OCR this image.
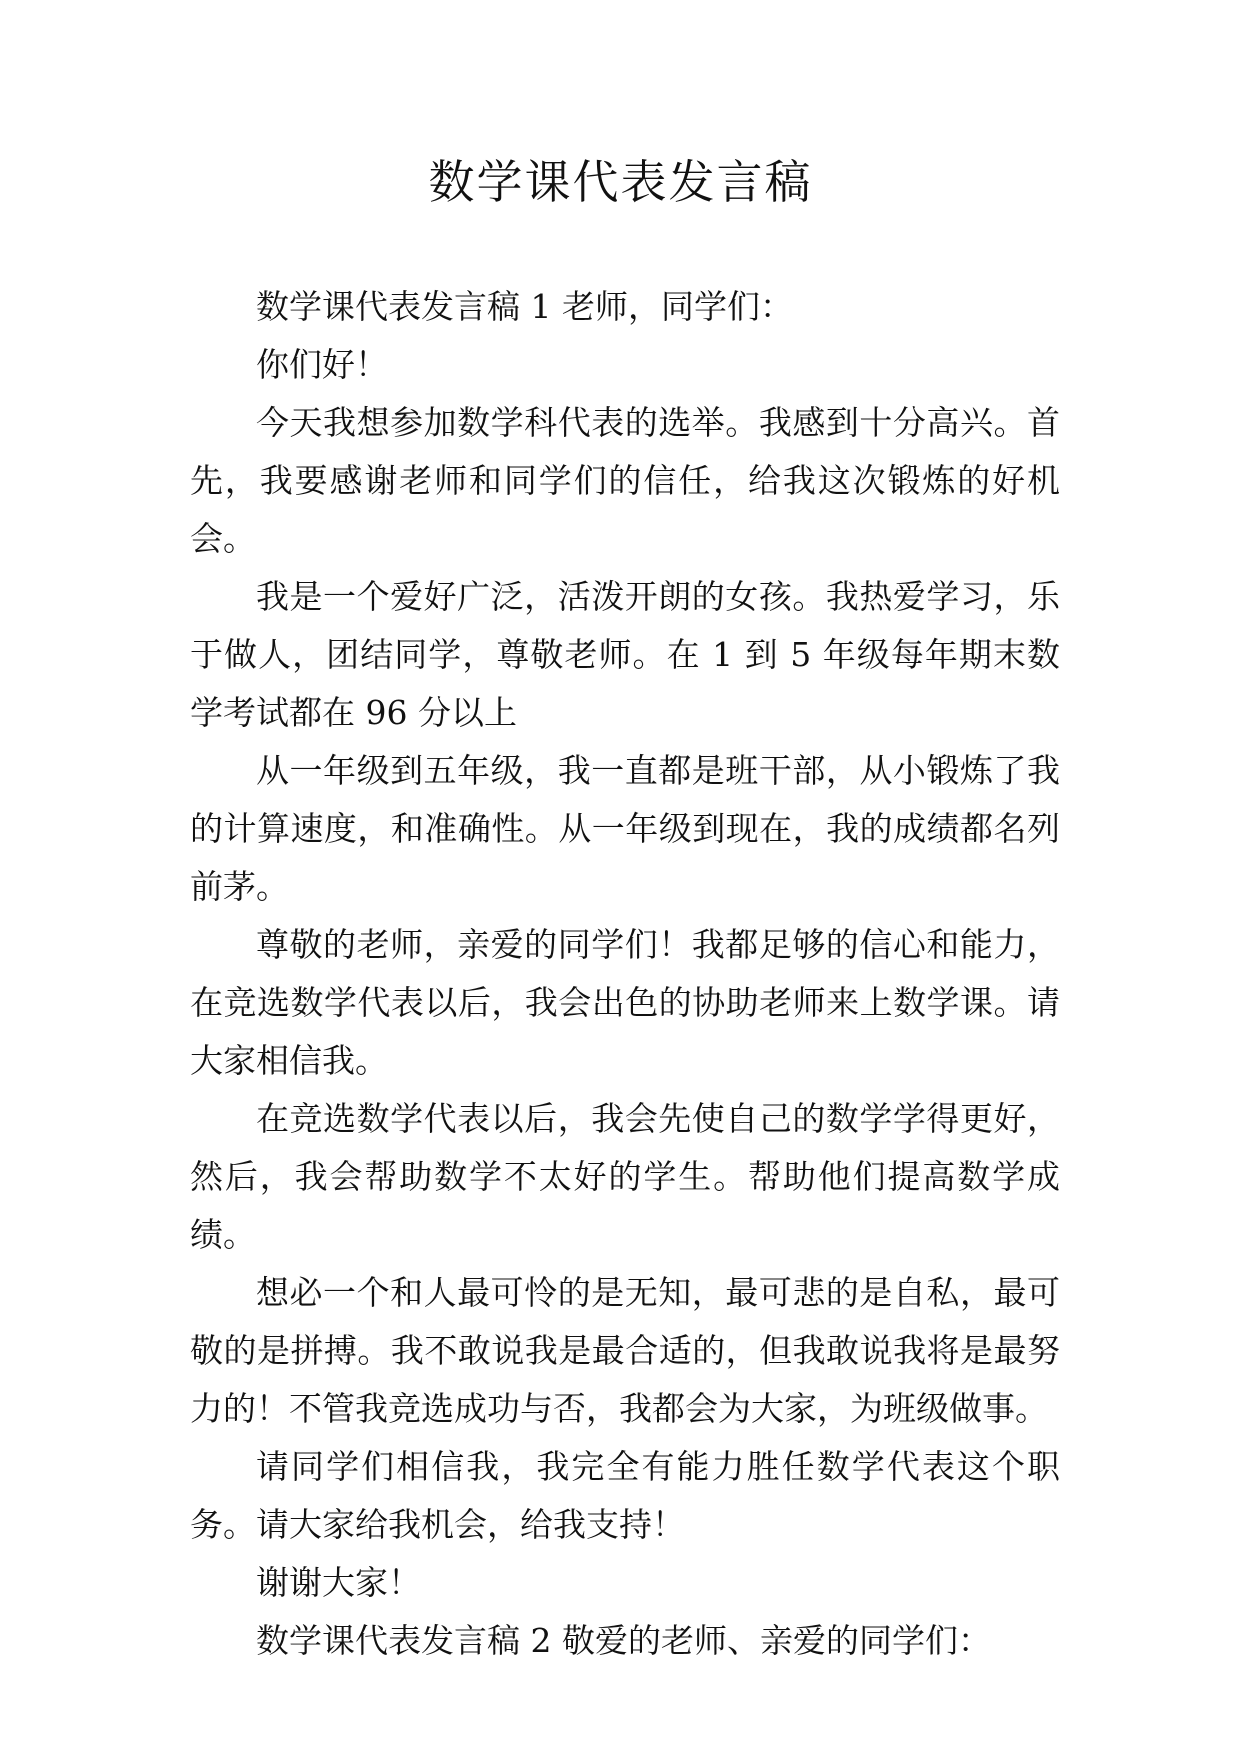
数学课代表发言稿

数学课代表发言稿 1 老师，同学们：

你们好！

今天我想参加数学科代表的选举。我感到十分高兴。首先，我要感谢老师和同学们的信任，给我这次锻炼的好机会。

我是一个爱好广泛，活泼开朗的女孩。我热爱学习，乐于做人，团结同学，尊敬老师。在 1 到 5 年级每年期末数学考试都在 96 分以上

从一年级到五年级，我一直都是班干部，从小锻炼了我的计算速度，和准确性。从一年级到现在，我的成绩都名列前茅。

尊敬的老师，亲爱的同学们！我都足够的信心和能力，在竞选数学代表以后，我会出色的协助老师来上数学课。请大家相信我。

在竞选数学代表以后，我会先使自己的数学学得更好，然后，我会帮助数学不太好的学生。帮助他们提高数学成绩。

想必一个和人最可怜的是无知，最可悲的是自私，最可敬的是拼搏。我不敢说我是最合适的，但我敢说我将是最努力的！不管我竞选成功与否，我都会为大家，为班级做事。

请同学们相信我，我完全有能力胜任数学代表这个职务。请大家给我机会，给我支持！

谢谢大家！

数学课代表发言稿 2 敬爱的老师、亲爱的同学们：
